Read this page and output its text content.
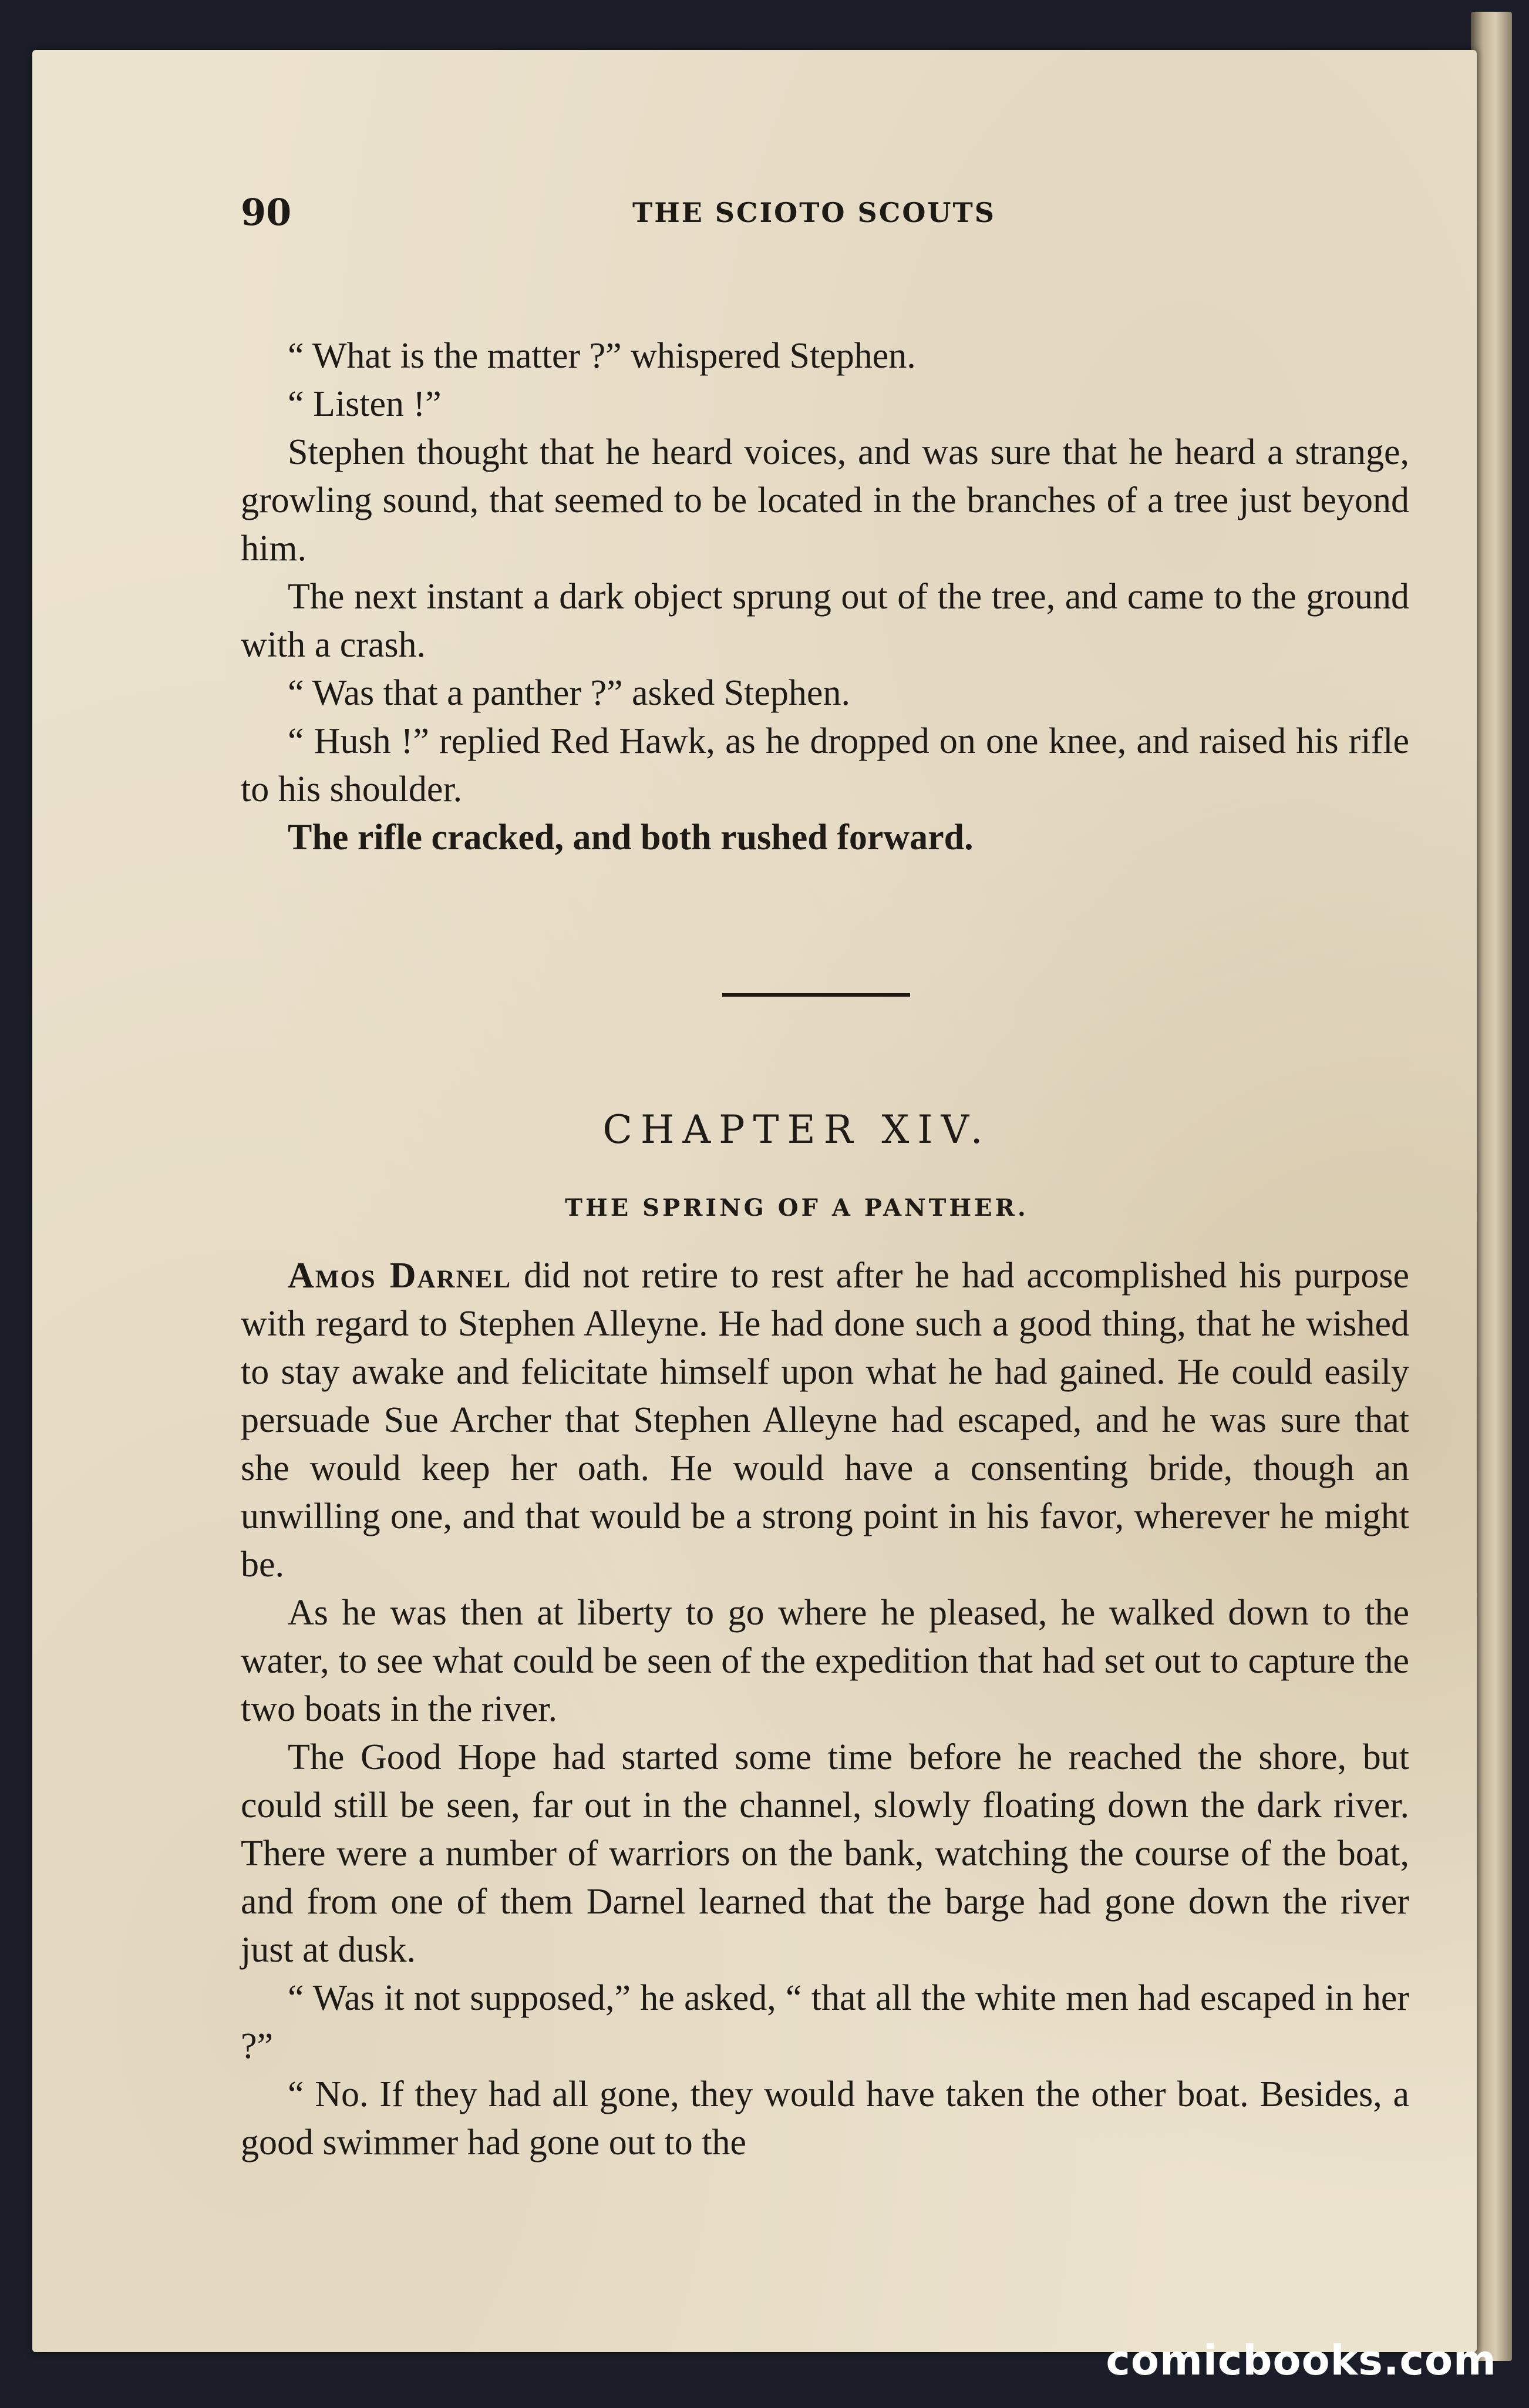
90	THE SCIOTO SCOUTS

“ What is the matter ?” whispered Stephen.

“ Listen !”

Stephen thought that he heard voices, and was sure that he heard a strange, growling sound, that seemed to be located in the branches of a tree just beyond him.

The next instant a dark object sprung out of the tree, and came to the ground with a crash.

“ Was that a panther ?” asked Stephen.

“ Hush !” replied Red Hawk, as he dropped on one knee, and raised his rifle to his shoulder.

The rifle cracked, and both rushed forward.

CHAPTER XIV.
THE SPRING OF A PANTHER.

Amos Darnel did not retire to rest after he had accomplished his purpose with regard to Stephen Alleyne. He had done such a good thing, that he wished to stay awake and felicitate himself upon what he had gained. He could easily persuade Sue Archer that Stephen Alleyne had escaped, and he was sure that she would keep her oath. He would have a consenting bride, though an unwilling one, and that would be a strong point in his favor, wherever he might be.

As he was then at liberty to go where he pleased, he walked down to the water, to see what could be seen of the expedition that had set out to capture the two boats in the river.

The Good Hope had started some time before he reached the shore, but could still be seen, far out in the channel, slowly floating down the dark river. There were a number of warriors on the bank, watching the course of the boat, and from one of them Darnel learned that the barge had gone down the river just at dusk.

“ Was it not supposed,” he asked, “ that all the white men had escaped in her ?”

“ No. If they had all gone, they would have taken the other boat. Besides, a good swimmer had gone out to the

comicbooks.com
